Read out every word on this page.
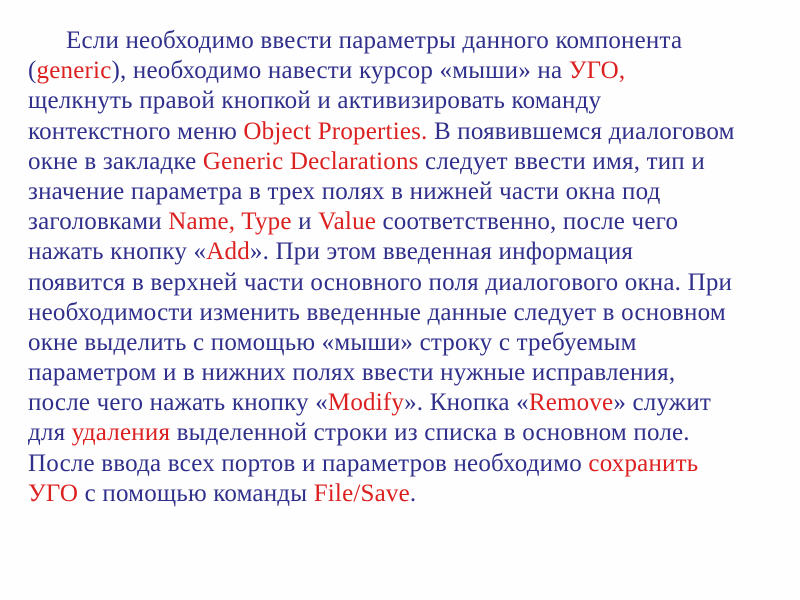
Если необходимо ввести параметры данного компонента
(generic), необходимо навести курсор «мыши» на УГО,
щелкнуть правой кнопкой и активизировать команду
контекстного меню Object Properties. В появившемся диалоговом
окне в закладке Generic Declarations следует ввести имя, тип и
значение параметра в трех полях в нижней части окна под
заголовками Name, Type и Value соответственно, после чего
нажать кнопку «Add». При этом введенная информация
появится в верхней части основного поля диалогового окна. При
необходимости изменить введенные данные следует в основном
окне выделить с помощью «мыши» строку с требуемым
параметром и в нижних полях ввести нужные исправления,
после чего нажать кнопку «Modify». Кнопка «Remove» служит
для удаления выделенной строки из списка в основном поле.
После ввода всех портов и параметров необходимо сохранить
УГО с помощью команды File/Save.
